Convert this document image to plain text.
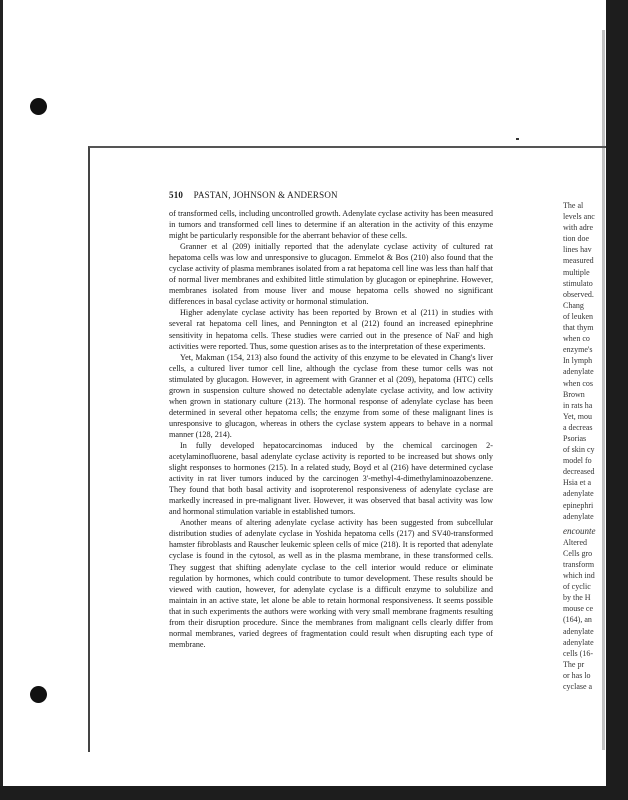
510 PASTAN, JOHNSON & ANDERSON

of transformed cells, including uncontrolled growth. Adenylate cyclase activity has been measured in tumors and transformed cell lines to determine if an alteration in the activity of this enzyme might be particularly responsible for the aberrant behavior of these cells.

Granner et al (209) initially reported that the adenylate cyclase activity of cultured rat hepatoma cells was low and unresponsive to glucagon. Emmelot & Bos (210) also found that the cyclase activity of plasma membranes isolated from a rat hepatoma cell line was less than half that of normal liver membranes and exhibited little stimulation by glucagon or epinephrine. However, membranes isolated from mouse liver and mouse hepatoma cells showed no significant differences in basal cyclase activity or hormonal stimulation.

Higher adenylate cyclase activity has been reported by Brown et al (211) in studies with several rat hepatoma cell lines, and Pennington et al (212) found an increased epinephrine sensitivity in hepatoma cells. These studies were carried out in the presence of NaF and high activities were reported. Thus, some question arises as to the interpretation of these experiments.

Yet, Makman (154, 213) also found the activity of this enzyme to be elevated in Chang's liver cells, a cultured liver tumor cell line, although the cyclase from these tumor cells was not stimulated by glucagon. However, in agreement with Granner et al (209), hepatoma (HTC) cells grown in suspension culture showed no detectable adenylate cyclase activity, and low activity when grown in stationary culture (213). The hormonal response of adenylate cyclase has been determined in several other hepatoma cells; the enzyme from some of these malignant lines is unresponsive to glucagon, whereas in others the cyclase system appears to behave in a normal manner (128, 214).

In fully developed hepatocarcinomas induced by the chemical carcinogen 2-acetylaminofluorene, basal adenylate cyclase activity is reported to be increased but shows only slight responses to hormones (215). In a related study, Boyd et al (216) have determined cyclase activity in rat liver tumors induced by the carcinogen 3'-methyl-4-dimethylaminoazobenzene. They found that both basal activity and isoproterenol responsiveness of adenylate cyclase are markedly increased in pre-malignant liver. However, it was observed that basal activity was low and hormonal stimulation variable in established tumors.

Another means of altering adenylate cyclase activity has been suggested from subcellular distribution studies of adenylate cyclase in Yoshida hepatoma cells (217) and SV40-transformed hamster fibroblasts and Rauscher leukemic spleen cells of mice (218). It is reported that adenylate cyclase is found in the cytosol, as well as in the plasma membrane, in these transformed cells. They suggest that shifting adenylate cyclase to the cell interior would reduce or eliminate regulation by hormones, which could contribute to tumor development. These results should be viewed with caution, however, for adenylate cyclase is a difficult enzyme to solubilize and maintain in an active state, let alone be able to retain hormonal responsiveness. It seems possible that in such experiments the authors were working with very small membrane fragments resulting from their disruption procedure. Since the membranes from malignant cells clearly differ from normal membranes, varied degrees of fragmentation could result when disrupting each type of membrane.

The al
levels anc
with adre
tion doe
lines hav
measured
multiple
stimulato
observed.
Chang
of leuken
that thym
when co
enzyme's
In lymph
adenylate
when cos
Brown
in rats ha
Yet, mou
a decreas
Psorias
of skin cy
model fo
decreased
Hsia et a
adenylate
epinephri
adenylate
encounte
Altered
Cells gro
transform
which ind
of cyclic
by the H
mouse ce
(164), an
adenylate
adenylate
cells (16-
The pr
or has lo
cyclase a
